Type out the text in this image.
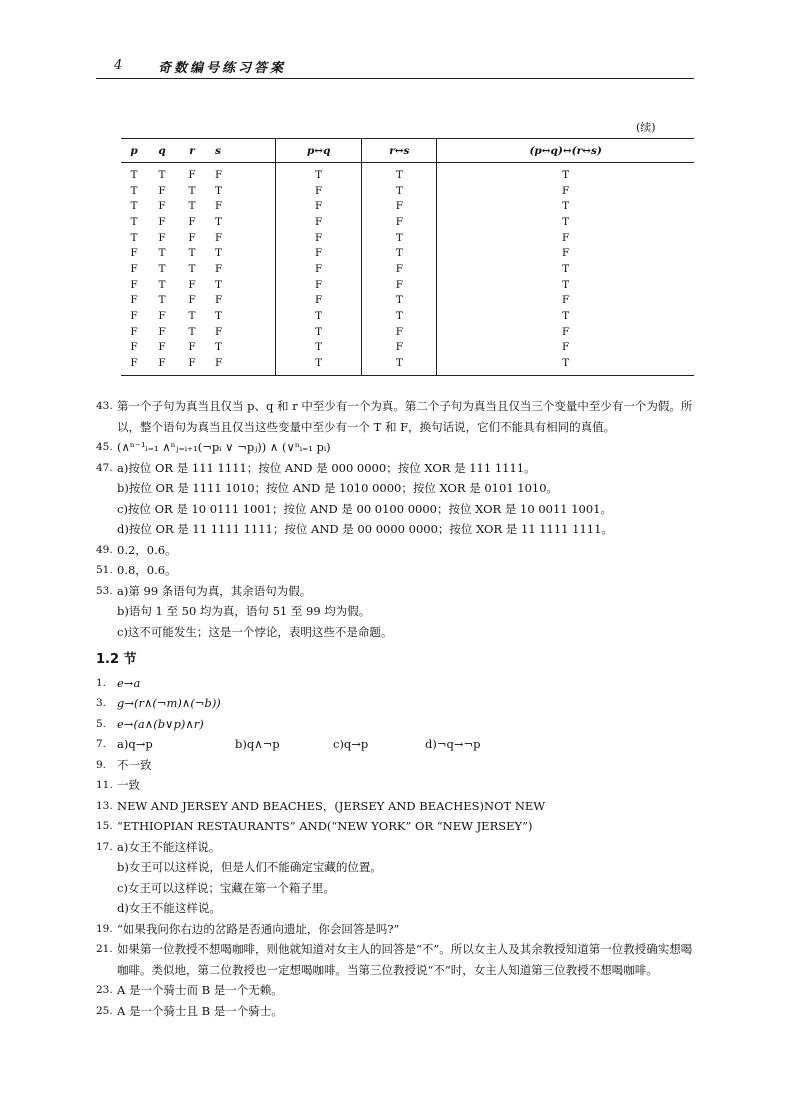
4	奇数编号练习答案
(续)
p	q	r	s	p↔q	r↔s	(p↔q)↔(r↔s)
T	T	F	F	T	T	T
T	F	T	T	F	T	F
T	F	T	F	F	F	T
T	F	F	T	F	F	T
T	F	F	F	F	T	F
F	T	T	T	F	T	F
F	T	T	F	F	F	T
F	T	F	T	F	F	T
F	T	F	F	F	T	F
F	F	T	T	T	T	T
F	F	T	F	T	F	F
F	F	F	T	T	F	F
F	F	F	F	T	T	T
43. 第一个子句为真当且仅当 p、q 和 r 中至少有一个为真。第二个子句为真当且仅当三个变量中至少有一个为假。所以，整个语句为真当且仅当这些变量中至少有一个 T 和 F，换句话说，它们不能具有相同的真值。
45. (∧ⁿ⁻¹ᵢ₌₁ ∧ⁿⱼ₌ᵢ₊₁(¬pᵢ ∨ ¬pⱼ)) ∧ (∨ⁿᵢ₌₁ pᵢ)
47. a)按位 OR 是 111 1111；按位 AND 是 000 0000；按位 XOR 是 111 1111。
b)按位 OR 是 1111 1010；按位 AND 是 1010 0000；按位 XOR 是 0101 1010。
c)按位 OR 是 10 0111 1001；按位 AND 是 00 0100 0000；按位 XOR 是 10 0011 1001。
d)按位 OR 是 11 1111 1111；按位 AND 是 00 0000 0000；按位 XOR 是 11 1111 1111。
49. 0.2，0.6。
51. 0.8，0.6。
53. a)第 99 条语句为真，其余语句为假。
b)语句 1 至 50 均为真，语句 51 至 99 均为假。
c)这不可能发生；这是一个悖论，表明这些不是命题。
1.2 节
1. e→a
3. g→(r∧(¬m)∧(¬b))
5. e→(a∧(b∨p)∧r)
7. a)q→p	b)q∧¬p	c)q→p	d)¬q→¬p
9. 不一致
11. 一致
13. NEW AND JERSEY AND BEACHES，(JERSEY AND BEACHES)NOT NEW
15. “ETHIOPIAN RESTAURANTS” AND(“NEW YORK” OR “NEW JERSEY”)
17. a)女王不能这样说。
b)女王可以这样说，但是人们不能确定宝藏的位置。
c)女王可以这样说；宝藏在第一个箱子里。
d)女王不能这样说。
19. “如果我问你右边的岔路是否通向遗址，你会回答是吗?”
21. 如果第一位教授不想喝咖啡，则他就知道对女主人的回答是“不”。所以女主人及其余教授知道第一位教授确实想喝咖啡。类似地，第二位教授也一定想喝咖啡。当第三位教授说“不”时，女主人知道第三位教授不想喝咖啡。
23. A 是一个骑士而 B 是一个无赖。
25. A 是一个骑士且 B 是一个骑士。
